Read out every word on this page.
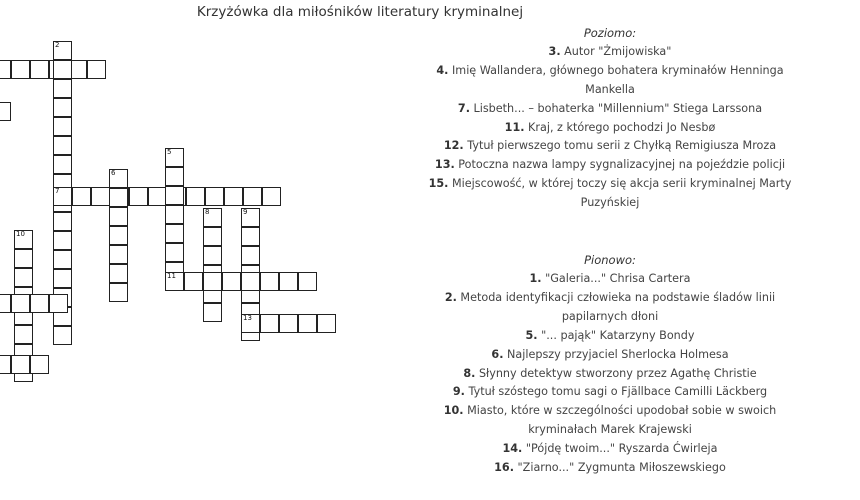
Krzyżówka dla miłośników literatury kryminalnej
2
5
6
7
8	9
10
11
13
Poziomo:
3. Autor "Żmijowiska"
4. Imię Wallandera, głównego bohatera kryminałów Henninga
Mankella
7. Lisbeth... – bohaterka "Millennium" Stiega Larssona
11. Kraj, z którego pochodzi Jo Nesbø
12. Tytuł pierwszego tomu serii z Chyłką Remigiusza Mroza
13. Potoczna nazwa lampy sygnalizacyjnej na pojeździe policji
15. Miejscowość, w której toczy się akcja serii kryminalnej Marty
Puzyńskiej
Pionowo:
1. "Galeria..." Chrisa Cartera
2. Metoda identyfikacji człowieka na podstawie śladów linii
papilarnych dłoni
5. "... pająk" Katarzyny Bondy
6. Najlepszy przyjaciel Sherlocka Holmesa
8. Słynny detektyw stworzony przez Agathę Christie
9. Tytuł szóstego tomu sagi o Fjällbace Camilli Läckberg
10. Miasto, które w szczególności upodobał sobie w swoich
kryminałach Marek Krajewski
14. "Pójdę twoim..." Ryszarda Ćwirleja
16. "Ziarno..." Zygmunta Miłoszewskiego
